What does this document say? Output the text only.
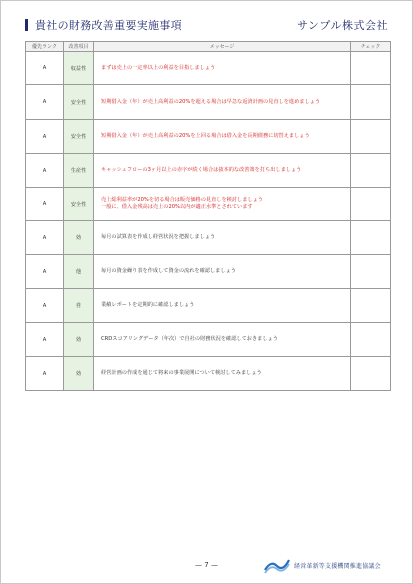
貴社の財務改善重要実施事項	サンプル株式会社
優先ランク	改善項目	メッセージ	チェック
A	収益性	まずは売上の一定率以上の利益を目指しましょう	
A	安全性	短期借入金（年）が売上高利益の20%を超える場合は早急な返済計画の見直しを進めましょう	
A	安全性	短期借入金（年）が売上高利益の20%を上回る場合は借入金を長期債務に切替えましょう	
A	生産性	キャッシュフローの3ヶ月以上の赤字が続く場合は抜本的な改善策を打ち出しましょう	
A	安全性	売上総利益率が20%を切る場合は販売価格の見直しを検討しましょう
一般に、借入金残高は売上の20%以内が適正水準とされています	
A	効	毎月の試算表を作成し経営状況を把握しましょう	
A	他	毎月の資金繰り表を作成して資金の流れを確認しましょう	
A	営	業績レポートを定期的に確認しましょう	
A	効	CRDスコアリングデータ（年次）で自社の財務状況を確認しておきましょう	
A	効	経営計画の作成を通じて将来の事業展開について検討してみましょう	
— 7 —	経営革新等支援機関推進協議会
